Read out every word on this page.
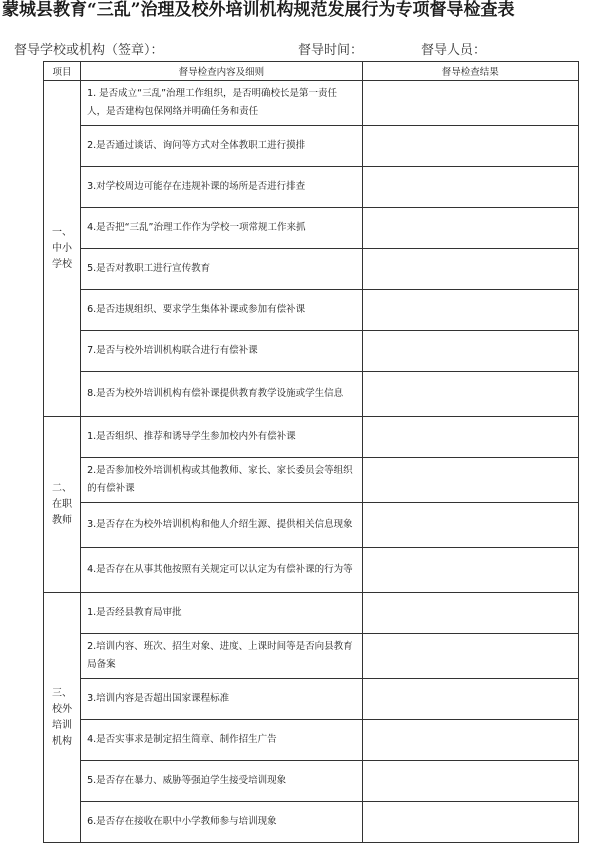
蒙城县教育“三乱”治理及校外培训机构规范发展行为专项督导检查表
督导学校或机构（签章）：	督导时间：	督导人员：
项目	督导检查内容及细则	督导检查结果

一、
中小
学校	1. 是否成立“三乱”治理工作组织，是否明确校长是第一责任人，是否建构包保网络并明确任务和责任	
	2.是否通过谈话、询问等方式对全体教职工进行摸排	
	3.对学校周边可能存在违规补课的场所是否进行排查	
	4.是否把“三乱”治理工作作为学校一项常规工作来抓	
	5.是否对教职工进行宣传教育	
	6.是否违规组织、要求学生集体补课或参加有偿补课	
	7.是否与校外培训机构联合进行有偿补课	
	8.是否为校外培训机构有偿补课提供教育教学设施或学生信息	

二、
在职
教师	1.是否组织、推荐和诱导学生参加校内外有偿补课	
	2.是否参加校外培训机构或其他教师、家长、家长委员会等组织的有偿补课	
	3.是否存在为校外培训机构和他人介绍生源、提供相关信息现象	
	4.是否存在从事其他按照有关规定可以认定为有偿补课的行为等	

三、
校外
培训
机构	1.是否经县教育局审批	
	2.培训内容、班次、招生对象、进度、上课时间等是否向县教育局备案	
	3.培训内容是否超出国家课程标准	
	4.是否实事求是制定招生简章、制作招生广告	
	5.是否存在暴力、威胁等强迫学生接受培训现象	
	6.是否存在接收在职中小学教师参与培训现象	
